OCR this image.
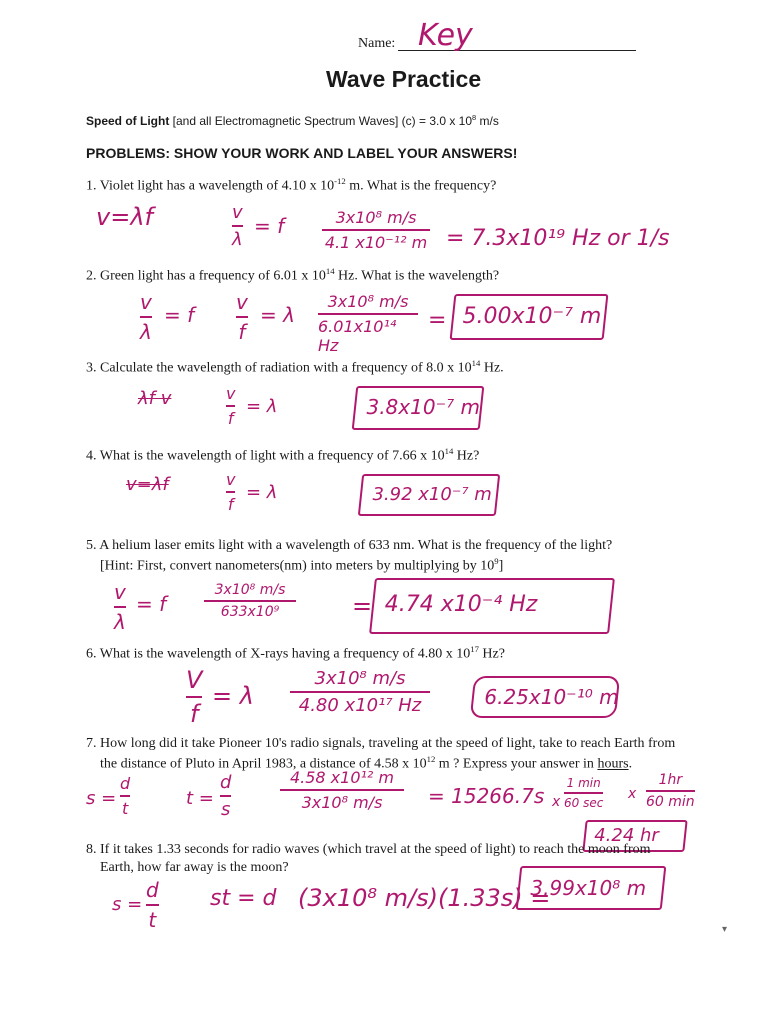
Name: Key
Wave Practice
Speed of Light [and all Electromagnetic Spectrum Waves] (c) = 3.0 x $10^8$ m/s
PROBLEMS: SHOW YOUR WORK AND LABEL YOUR ANSWERS!
1. Violet light has a wavelength of 4.10 x $10^{-12}$ m. What is the frequency?
v=λf	v
λ
= f	3x10⁸ m/s
4.1 x10⁻¹² m = 7.3x10¹⁹ Hz or 1/s
2. Green light has a frequency of 6.01 x $10^{14}$ Hz. What is the wavelength?
v
λ
= f
v
f
= λ
3x10⁸ m/s
6.01x10¹⁴ Hz
= 5.00x10⁻⁷ m
3. Calculate the wavelength of radiation with a frequency of 8.0 x $10^{14}$ Hz.
λf v	v
f
= λ	3.8x10⁻⁷ m
4. What is the wavelength of light with a frequency of 7.66 x $10^{14}$ Hz?
v=λf	v
f
= λ	3.92 x10⁻⁷ m
5. A helium laser emits light with a wavelength of 633 nm. What is the frequency of the light?
[Hint: First, convert nanometers(nm) into meters by multiplying by $10^9$]
v
λ
= f
3x10⁸ m/s
633x10⁹	= 4.74 x10⁻⁴ Hz
6. What is the wavelength of X-rays having a frequency of 4.80 x $10^{17}$ Hz?
V
f
= λ
3x10⁸ m/s
4.80 x10¹⁷ Hz	6.25x10⁻¹⁰ m
7. How long did it take Pioneer 10's radio signals, traveling at the speed of light, take to reach Earth from
the distance of Pluto in April 1983, a distance of 4.58 x $10^{12}$ m ? Express your answer in hours.
s =
d
t	t =
d
s
4.58 x10¹² m
3x10⁸ m/s = 15266.7s x
1 min
60 sec
x
1hr
60 min
4.24 hr
8. If it takes 1.33 seconds for radio waves (which travel at the speed of light) to reach the moon from
Earth, how far away is the moon?
s =
d
t
st = d (3x10⁸ m/s)(1.33s) =
3.99x10⁸ m
▾
